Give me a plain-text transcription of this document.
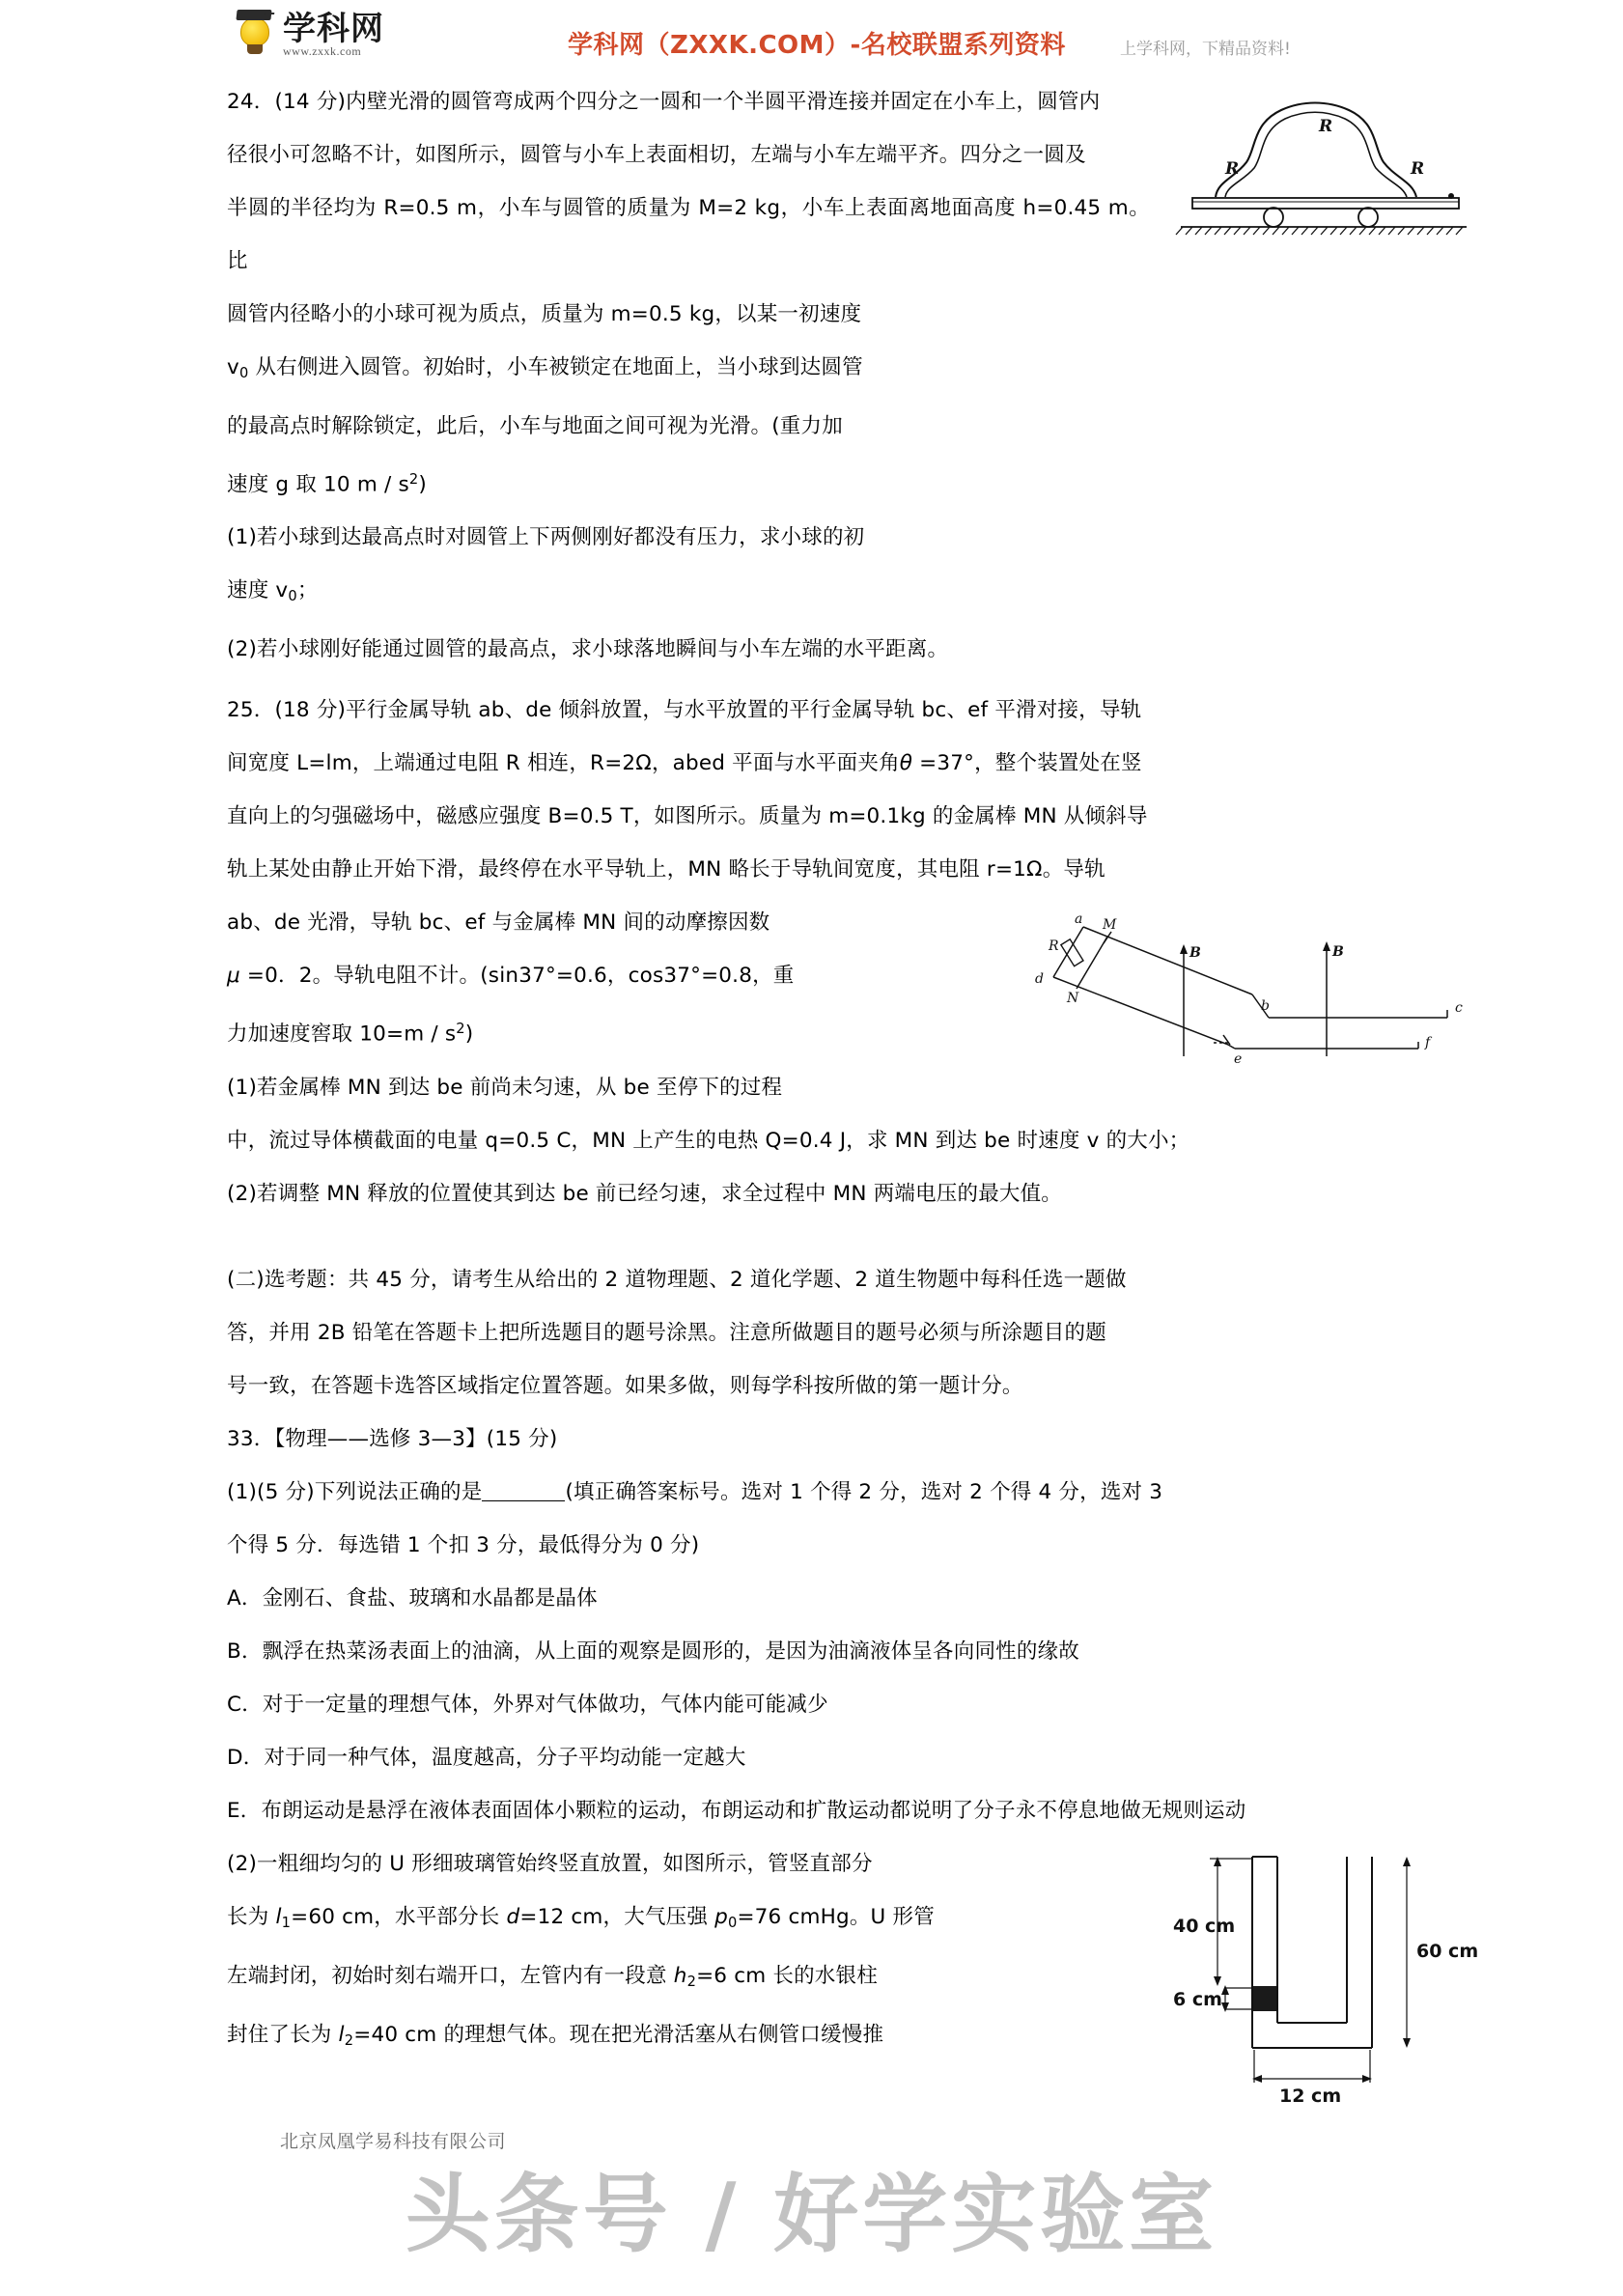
学科网
www.zxxk.com	学科网（ZXXK.COM）-名校联盟系列资料	上学科网，下精品资料!
R
R	R

24．(14 分)内壁光滑的圆管弯成两个四分之一圆和一个半圆平滑连接并固定在小车上，圆管内

径很小可忽略不计，如图所示，圆管与小车上表面相切，左端与小车左端平齐。四分之一圆及

半圆的半径均为 R=0.5 m，小车与圆管的质量为 M=2 kg，小车上表面离地面高度 h=0.45 m。比

圆管内径略小的小球可视为质点，质量为 m=0.5 kg，以某一初速度

$v_0$ 从右侧进入圆管。初始时，小车被锁定在地面上，当小球到达圆管

的最高点时解除锁定，此后，小车与地面之间可视为光滑。(重力加

速度 g 取 10 m / $s^2$)

(1)若小球到达最高点时对圆管上下两侧刚好都没有压力，求小球的初

速度 $v_0$；

(2)若小球刚好能通过圆管的最高点，求小球落地瞬间与小车左端的水平距离。

25．(18 分)平行金属导轨 ab、de 倾斜放置，与水平放置的平行金属导轨 bc、ef 平滑对接，导轨

间宽度 L=lm，上端通过电阻 R 相连，R=2Ω，abed 平面与水平面夹角θ =37°，整个装置处在竖

直向上的匀强磁场中，磁感应强度 B=0.5 T，如图所示。质量为 m=0.1kg 的金属棒 MN 从倾斜导

轨上某处由静止开始下滑，最终停在水平导轨上，MN 略长于导轨间宽度，其电阻 r=1Ω。导轨

a M
B	B
R
d
N	b	c
e
f

ab、de 光滑，导轨 bc、ef 与金属棒 MN 间的动摩擦因数

μ =0．2。导轨电阻不计。(sin37°=0.6，cos37°=0.8，重

力加速度窖取 $10=m / s^2$)

(1)若金属棒 MN 到达 be 前尚未匀速，从 be 至停下的过程

中，流过导体横截面的电量 q=0.5 C，MN 上产生的电热 Q=0.4 J，求 MN 到达 be 时速度 v 的大小；

(2)若调整 MN 释放的位置使其到达 be 前已经匀速，求全过程中 MN 两端电压的最大值。

(二)选考题：共 45 分，请考生从给出的 2 道物理题、2 道化学题、2 道生物题中每科任选一题做

答，并用 2B 铅笔在答题卡上把所选题目的题号涂黑。注意所做题目的题号必须与所涂题目的题

号一致，在答题卡选答区域指定位置答题。如果多做，则每学科按所做的第一题计分。

33．【物理——选修 3—3】(15 分)

(1)(5 分)下列说法正确的是	(填正确答案标号。选对 1 个得 2 分，选对 2 个得 4 分，选对 3

个得 5 分．每选错 1 个扣 3 分，最低得分为 0 分)

A．金刚石、食盐、玻璃和水晶都是晶体

B．飘浮在热菜汤表面上的油滴，从上面的观察是圆形的，是因为油滴液体呈各向同性的缘故

C．对于一定量的理想气体，外界对气体做功，气体内能可能减少

D．对于同一种气体，温度越高，分子平均动能一定越大

E．布朗运动是悬浮在液体表面固体小颗粒的运动，布朗运动和扩散运动都说明了分子永不停息地做无规则运动

40 cm
60 cm
6 cm
12 cm

(2)一粗细均匀的 U 形细玻璃管始终竖直放置，如图所示，管竖直部分

长为 $l_1=60$ cm，水平部分长 d=12 cm，大气压强 $p_0=76$ cmHg。U 形管

左端封闭，初始时刻右端开口，左管内有一段意 $h_2=6$ cm 长的水银柱

封住了长为 $l_2=40$ cm 的理想气体。现在把光滑活塞从右侧管口缓慢推

北京凤凰学易科技有限公司
头条号 / 好学实验室
